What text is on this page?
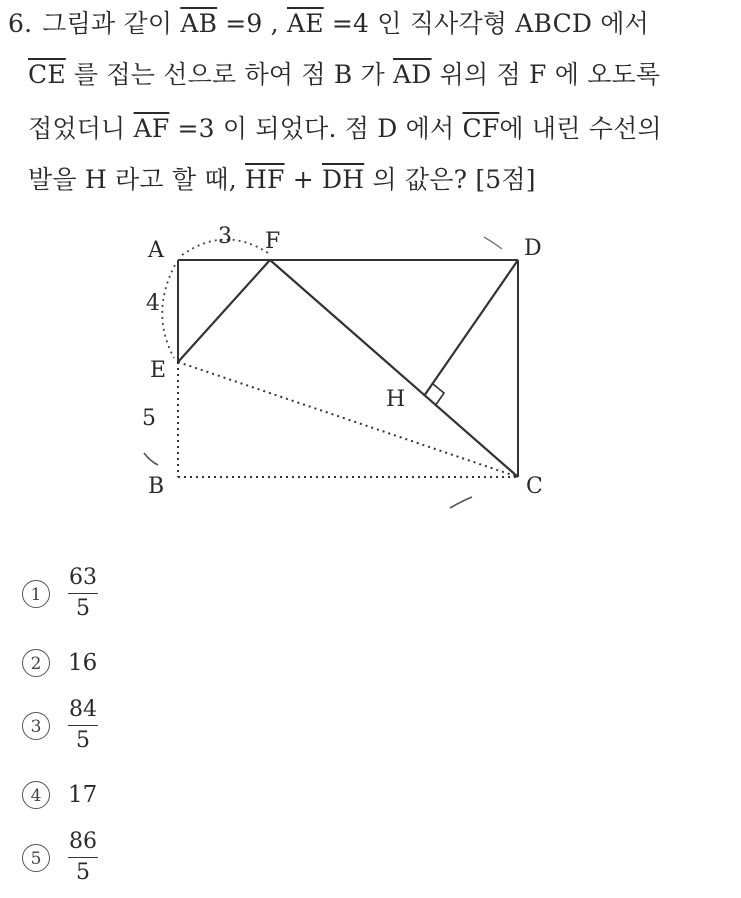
6. 그림과 같이 $\overline{AB} =9$ , $\overline{AE} =4$ 인 직사각형 ABCD 에서
$\overline{CE}$ 를 접는 선으로 하여 점 B 가 $\overline{AD}$ 위의 점 F 에 오도록
접었더니 $\overline{AF} =3$ 이 되었다. 점 D 에서 $\overline{CF}$에 내린 수선의
발을 H 라고 할 때, $\overline{HF} + \overline{DH}$ 의 값은? [5점]
A	F	D
E
H
B	C
3
4
5
1	$\frac{63}{5}$
2	16
3	$\frac{84}{5}$
4	17
5	$\frac{86}{5}$
